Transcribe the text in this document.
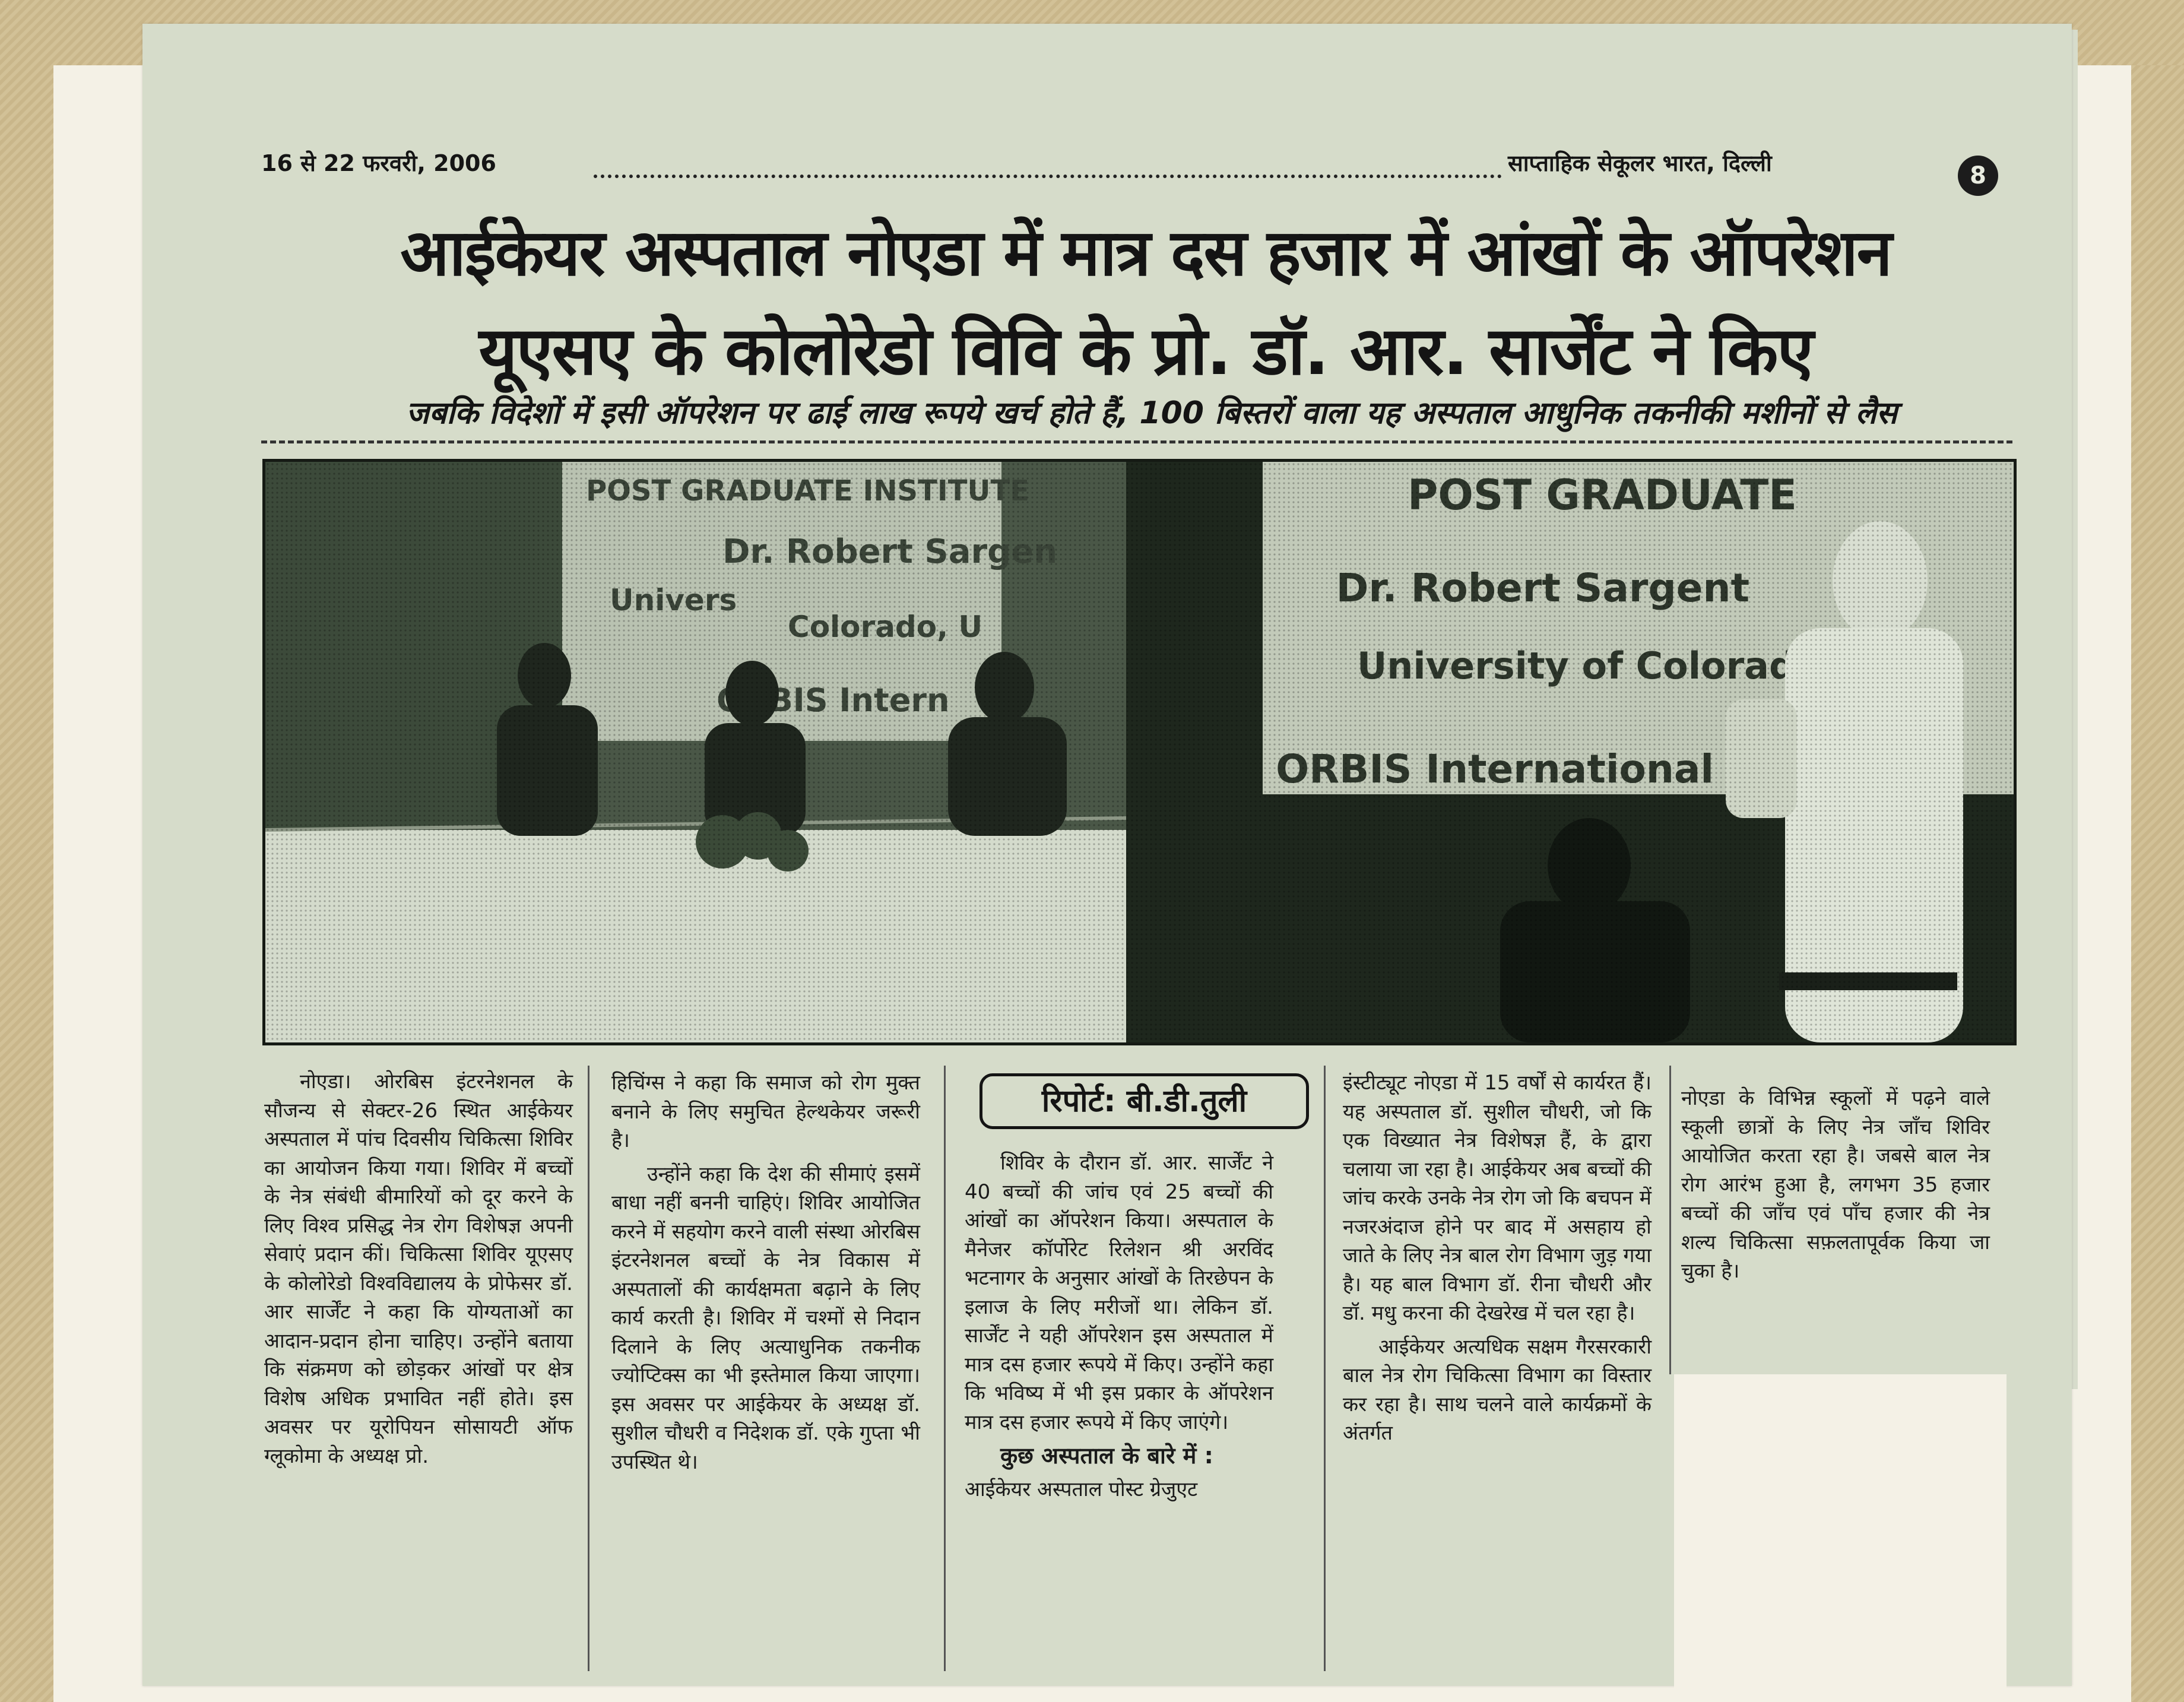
16 से 22 फरवरी, 2006	साप्ताहिक सेकूलर भारत, दिल्ली	8
आईकेयर अस्पताल नोएडा में मात्र दस हजार में आंखों के ऑपरेशन
यूएसए के कोलोरेडो विवि के प्रो. डॉ. आर. सार्जेंट ने किए
जबकि विदेशों में इसी ऑपरेशन पर ढाई लाख रूपये खर्च होते हैं, 100 बिस्तरों वाला यह अस्पताल आधुनिक तकनीकी मशीनों से लैस

नोएडा। ओरबिस इंटरनेशनल के सौजन्य से सेक्टर-26 स्थित आईकेयर अस्पताल में पांच दिवसीय चिकित्सा शिविर का आयोजन किया गया। शिविर में बच्चों के नेत्र संबंधी बीमारियों को दूर करने के लिए विश्व प्रसिद्ध नेत्र रोग विशेषज्ञ अपनी सेवाएं प्रदान कीं। चिकित्सा शिविर यूएसए के कोलोरेडो विश्वविद्यालय के प्रोफेसर डॉ. आर सार्जेंट ने कहा कि योग्यताओं का आदान-प्रदान होना चाहिए। उन्होंने बताया कि संक्रमण को छोड़कर आंखों पर क्षेत्र विशेष अधिक प्रभावित नहीं होते। इस अवसर पर यूरोपियन सोसायटी ऑफ ग्लूकोमा के अध्यक्ष प्रो.

हिचिंग्स ने कहा कि समाज को रोग मुक्त बनाने के लिए समुचित हेल्थकेयर जरूरी है।

उन्होंने कहा कि देश की सीमाएं इसमें बाधा नहीं बननी चाहिएं। शिविर आयोजित करने में सहयोग करने वाली संस्था ओरबिस इंटरनेशनल बच्चों के नेत्र विकास में अस्पतालों की कार्यक्षमता बढ़ाने के लिए कार्य करती है। शिविर में चश्मों से निदान दिलाने के लिए अत्याधुनिक तकनीक ज्योप्टिक्स का भी इस्तेमाल किया जाएगा। इस अवसर पर आईकेयर के अध्यक्ष डॉ. सुशील चौधरी व निदेशक डॉ. एके गुप्ता भी उपस्थित थे।

रिपोर्ट: बी.डी.तुली

शिविर के दौरान डॉ. आर. सार्जेंट ने 40 बच्चों की जांच एवं 25 बच्चों की आंखों का ऑपरेशन किया। अस्पताल के मैनेजर कॉर्पोरेट रिलेशन श्री अरविंद भटनागर के अनुसार आंखों के तिरछेपन के इलाज के लिए मरीजों था। लेकिन डॉ. सार्जेंट ने यही ऑपरेशन इस अस्पताल में मात्र दस हजार रूपये में किए। उन्होंने कहा कि भविष्य में भी इस प्रकार के ऑपरेशन मात्र दस हजार रूपये में किए जाएंगे।

कुछ अस्पताल के बारे में :

आईकेयर अस्पताल पोस्ट ग्रेजुएट

इंस्टीट्यूट नोएडा में 15 वर्षों से कार्यरत हैं। यह अस्पताल डॉ. सुशील चौधरी, जो कि एक विख्यात नेत्र विशेषज्ञ हैं, के द्वारा चलाया जा रहा है। आईकेयर अब बच्चों की जांच करके उनके नेत्र रोग जो कि बचपन में नजरअंदाज होने पर बाद में असहाय हो जाते के लिए नेत्र बाल रोग विभाग जुड़ गया है। यह बाल विभाग डॉ. रीना चौधरी और डॉ. मधु करना की देखरेख में चल रहा है।

आईकेयर अत्यधिक सक्षम गैरसरकारी बाल नेत्र रोग चिकित्सा विभाग का विस्तार कर रहा है। साथ चलने वाले कार्यक्रमों के अंतर्गत

नोएडा के विभिन्न स्कूलों में पढ़ने वाले स्कूली छात्रों के लिए नेत्र जाँच शिविर आयोजित करता रहा है। जबसे बाल नेत्र रोग आरंभ हुआ है, लगभग 35 हजार बच्चों की जाँच एवं पाँच हजार की नेत्र शल्य चिकित्सा सफ़लतापूर्वक किया जा चुका है।
